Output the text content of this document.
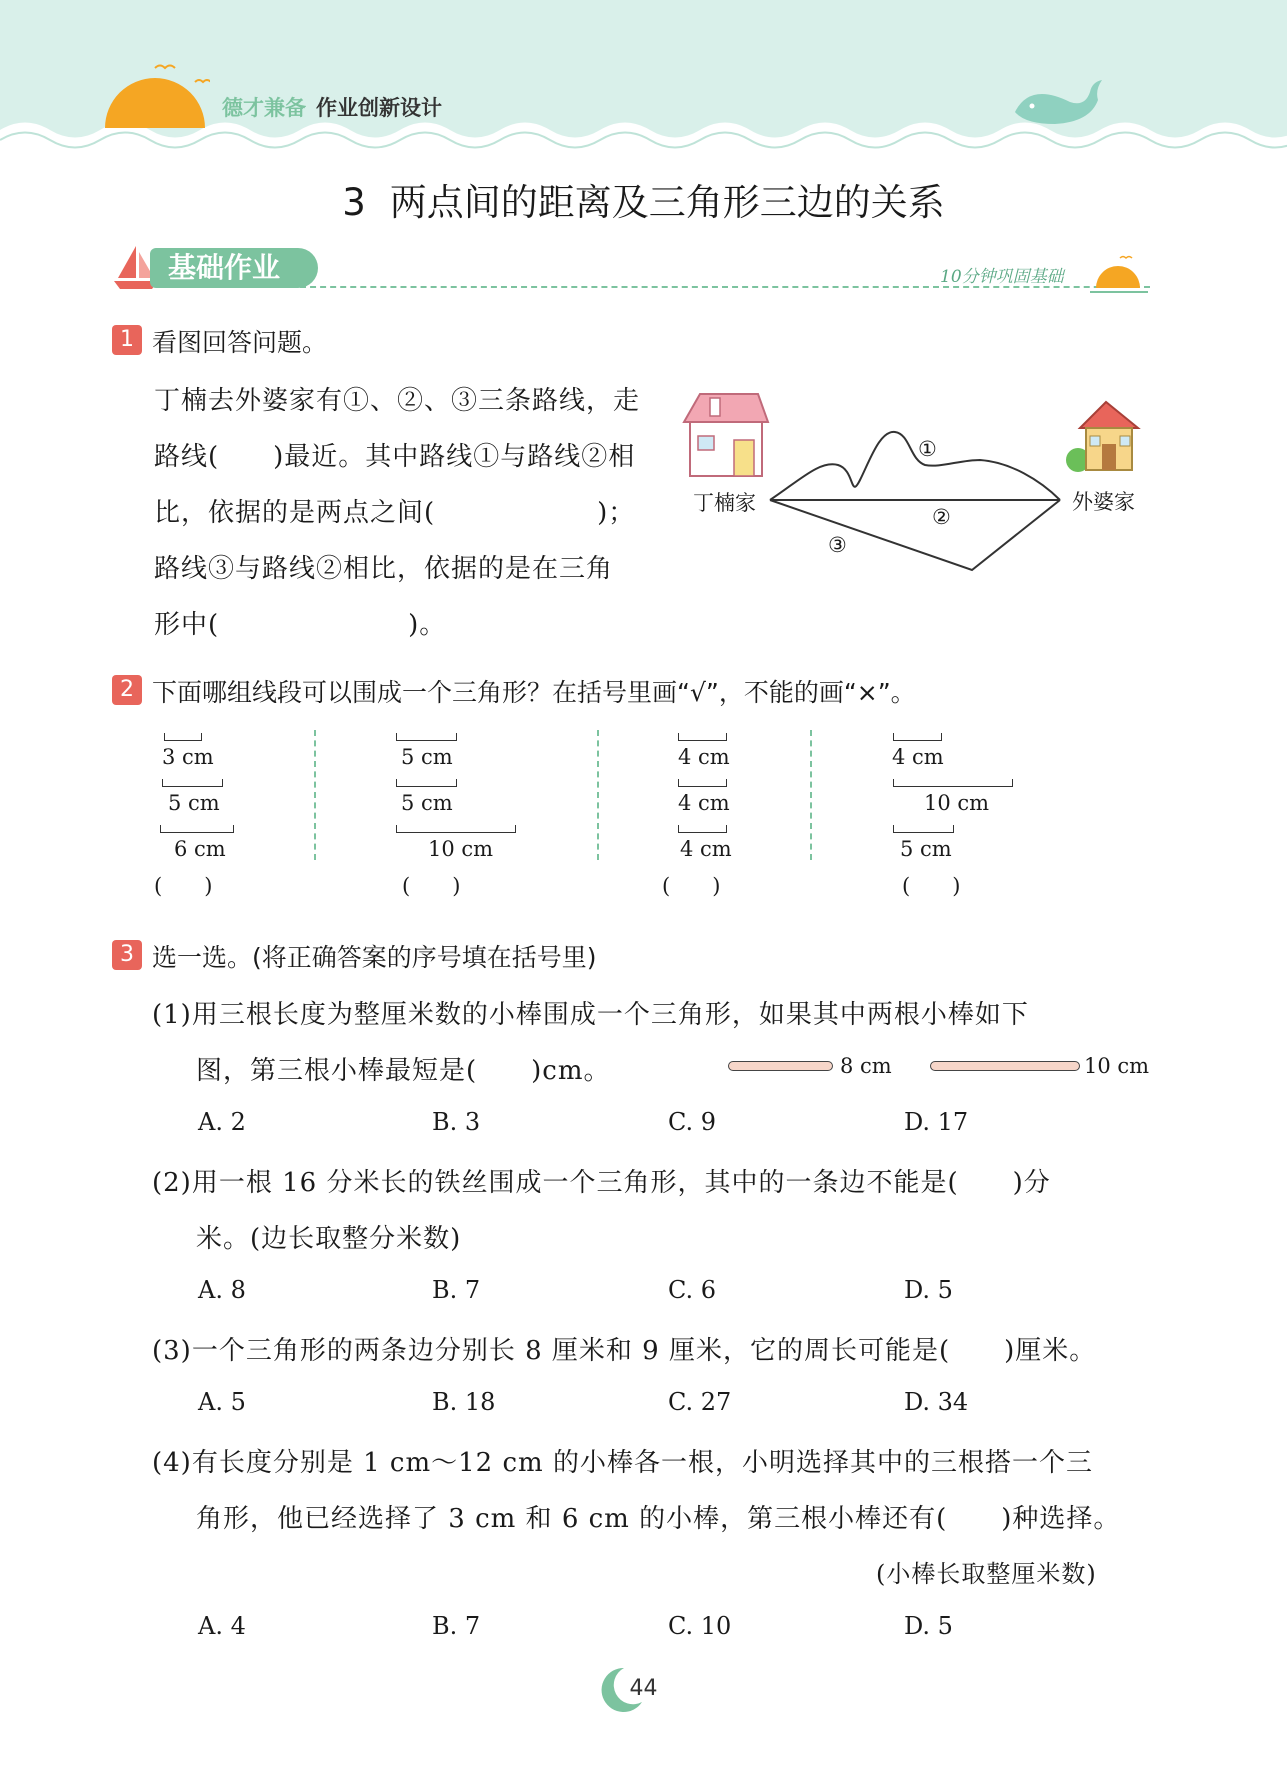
德才兼备 作业创新设计
3 两点间的距离及三角形三边的关系
基础作业	10分钟巩固基础
1 看图回答问题。
丁楠去外婆家有①、②、③三条路线，走
路线(　　)最近。其中路线①与路线②相
比，依据的是两点之间(　　　　　　)；
路线③与路线②相比，依据的是在三角
形中(　　　　　　　)。
丁楠家	外婆家
①
②
③
2 下面哪组线段可以围成一个三角形？在括号里画“√”，不能的画“×”。
3 cm
5 cm
6 cm
(　　)
5 cm
5 cm
10 cm
(　　)
4 cm
4 cm
4 cm
(　　)
4 cm
10 cm
5 cm
(　　)
3 选一选。(将正确答案的序号填在括号里)
(1)用三根长度为整厘米数的小棒围成一个三角形，如果其中两根小棒如下
图，第三根小棒最短是(　　)cm。	8 cm	10 cm
A. 2	B. 3	C. 9	D. 17
(2)用一根 16 分米长的铁丝围成一个三角形，其中的一条边不能是(　　)分
米。(边长取整分米数)
A. 8	B. 7	C. 6	D. 5
(3)一个三角形的两条边分别长 8 厘米和 9 厘米，它的周长可能是(　　)厘米。
A. 5	B. 18	C. 27	D. 34
(4)有长度分别是 1 cm～12 cm 的小棒各一根，小明选择其中的三根搭一个三
角形，他已经选择了 3 cm 和 6 cm 的小棒，第三根小棒还有(　　)种选择。
(小棒长取整厘米数)
A. 4	B. 7	C. 10	D. 5
44
